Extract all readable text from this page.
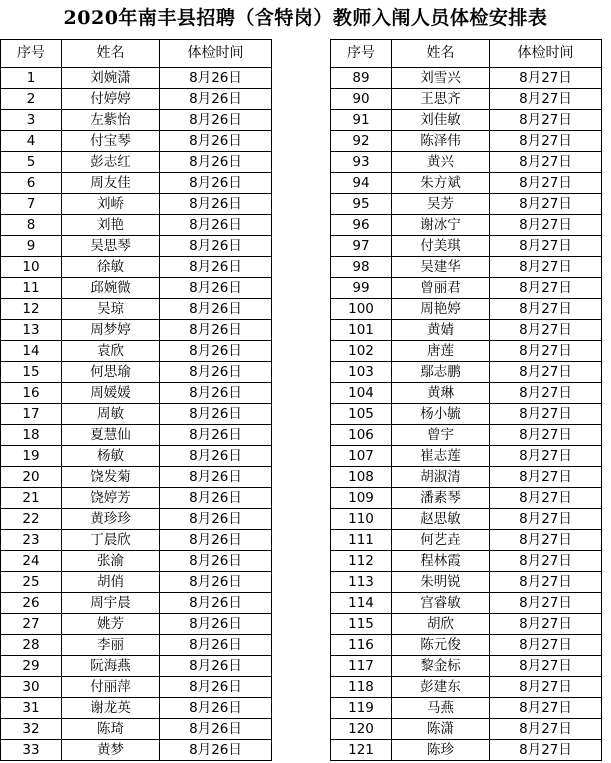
2020年南丰县招聘（含特岗）教师入闱人员体检安排表
序号	姓名	体检时间
1	刘婉潇	8月26日
2	付婷婷	8月26日
3	左紫怡	8月26日
4	付宝琴	8月26日
5	彭志红	8月26日
6	周友佳	8月26日
7	刘峤	8月26日
8	刘艳	8月26日
9	吴思琴	8月26日
10	徐敏	8月26日
11	邱婉微	8月26日
12	吴琼	8月26日
13	周梦婷	8月26日
14	袁欣	8月26日
15	何思瑜	8月26日
16	周媛媛	8月26日
17	周敏	8月26日
18	夏慧仙	8月26日
19	杨敏	8月26日
20	饶发菊	8月26日
21	饶婷芳	8月26日
22	黄珍珍	8月26日
23	丁晨欣	8月26日
24	张渝	8月26日
25	胡俏	8月26日
26	周宇晨	8月26日
27	姚芳	8月26日
28	李丽	8月26日
29	阮海燕	8月26日
30	付丽萍	8月26日
31	谢龙英	8月26日
32	陈琦	8月26日
33	黄梦	8月26日
序号	姓名	体检时间
89	刘雪兴	8月27日
90	王思齐	8月27日
91	刘佳敏	8月27日
92	陈泽伟	8月27日
93	黄兴	8月27日
94	朱方斌	8月27日
95	吴芳	8月27日
96	谢冰宁	8月27日
97	付美琪	8月27日
98	吴建华	8月27日
99	曾丽君	8月27日
100	周艳婷	8月27日
101	黄婧	8月27日
102	唐莲	8月27日
103	鄢志鹏	8月27日
104	黄琳	8月27日
105	杨小毓	8月27日
106	曾宇	8月27日
107	崔志莲	8月27日
108	胡淑清	8月27日
109	潘素琴	8月27日
110	赵思敏	8月27日
111	何艺垚	8月27日
112	程林霞	8月27日
113	朱明锐	8月27日
114	宫睿敏	8月27日
115	胡欣	8月27日
116	陈元俊	8月27日
117	黎金标	8月27日
118	彭建东	8月27日
119	马燕	8月27日
120	陈潇	8月27日
121	陈珍	8月27日
